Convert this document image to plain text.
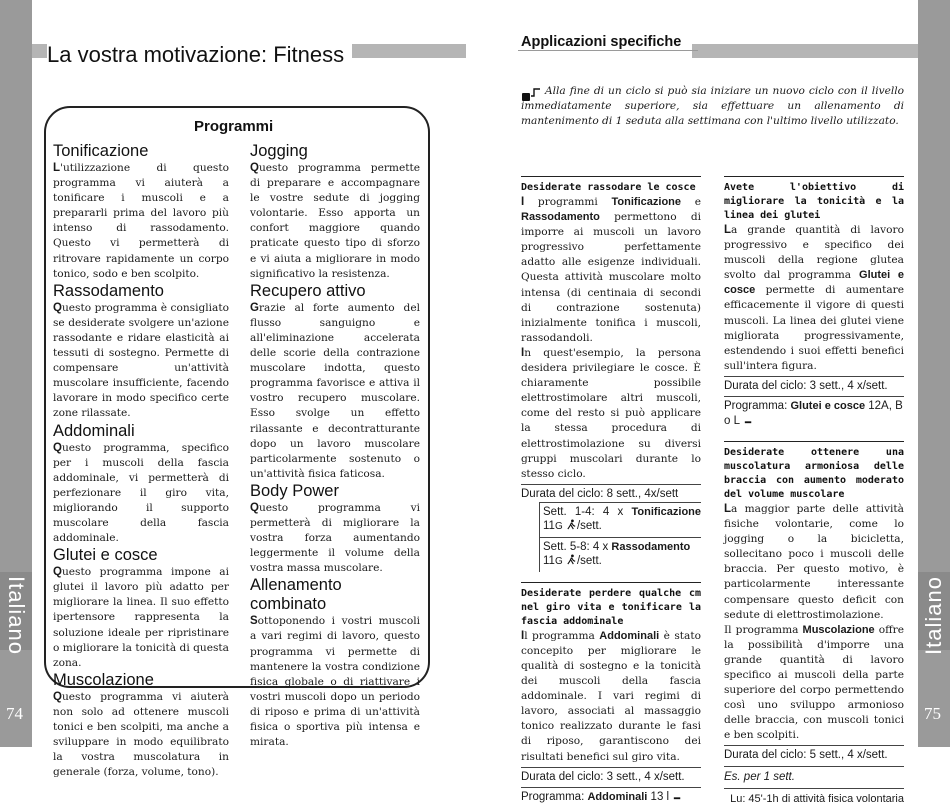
Italiano	Italiano
74	75
La vostra motivazione: Fitness	Applicazioni specifiche
Programmi
Tonificazione
L'utilizzazione di questo programma vi aiuterà a tonificare i muscoli e a prepararli prima del lavoro più intenso di rassodamento. Questo vi permetterà di ritrovare rapidamente un corpo tonico, sodo e ben scolpito.
Rassodamento
Questo programma è consigliato se desiderate svolgere un'azione rassodante e ridare elasticità ai tessuti di sostegno. Permette di compensare un'attività muscolare insufficiente, facendo lavorare in modo specifico certe zone rilassate.
Addominali
Questo programma, specifico per i muscoli della fascia addominale, vi permetterà di perfezionare il giro vita, migliorando il supporto muscolare della fascia addominale.
Glutei e cosce
Questo programma impone ai glutei il lavoro più adatto per migliorare la linea. Il suo effetto ipertensore rappresenta la soluzione ideale per ripristinare o migliorare la tonicità di questa zona.
Muscolazione
Questo programma vi aiuterà non solo ad ottenere muscoli tonici e ben scolpiti, ma anche a sviluppare in modo equilibrato la vostra muscolatura in generale (forza, volume, tono).
Jogging
Questo programma permette di preparare e accompagnare le vostre sedute di jogging volontarie. Esso apporta un confort maggiore quando praticate questo tipo di sforzo e vi aiuta a migliorare in modo significativo la resistenza.
Recupero attivo
Grazie al forte aumento del flusso sanguigno e all'eliminazione accelerata delle scorie della contrazione muscolare indotta, questo programma favorisce e attiva il vostro recupero muscolare. Esso svolge un effetto rilassante e decontratturante dopo un lavoro muscolare particolarmente sostenuto o un'attività fisica faticosa.
Body Power
Questo programma vi permetterà di migliorare la vostra forza aumentando leggermente il volume della vostra massa muscolare.
Allenamento combinato
Sottoponendo i vostri muscoli a vari regimi di lavoro, questo programma vi permette di mantenere la vostra condizione fisica globale o di riattivare i vostri muscoli dopo un periodo di riposo e prima di un'attività fisica o sportiva più intensa e mirata.
Alla fine di un ciclo si può sia iniziare un nuovo ciclo con il livello immediatamente superiore, sia effettuare un allenamento di mantenimento di 1 seduta alla settimana con l'ultimo livello utilizzato.
Desiderate rassodare le cosce
I programmi Tonificazione e Rassodamento permettono di imporre ai muscoli un lavoro progressivo perfettamente adatto alle esigenze individuali. Questa attività muscolare molto intensa (di centinaia di secondi di contrazione sostenuta) inizialmente tonifica i muscoli, rassodandoli.
In quest'esempio, la persona desidera privilegiare le cosce. È chiaramente possibile elettrostimolare altri muscoli, come del resto si può applicare la stessa procedura di elettrostimolazione su diversi gruppi muscolari durante lo stesso ciclo.
Durata del ciclo: 8 sett., 4x/sett
Sett. 1-4: 4 x Tonificazione 11G /sett.
Sett. 5-8: 4 x Rassodamento
11G /sett.
Desiderate perdere qualche cm nel giro vita e tonificare la fascia addominale
Il programma Addominali è stato concepito per migliorare le qualità di sostegno e la tonicità dei muscoli della fascia addominale. I vari regimi di lavoro, associati al massaggio tonico realizzato durante le fasi di riposo, garantiscono dei risultati benefici sul giro vita.
Durata del ciclo: 3 sett., 4 x/sett.
Programma: Addominali 13 l
Avete l'obiettivo di migliorare la tonicità e la linea dei glutei
La grande quantità di lavoro progressivo e specifico dei muscoli della regione glutea svolto dal programma Glutei e cosce permette di aumentare efficacemente il vigore di questi muscoli. La linea dei glutei viene migliorata progressivamente, estendendo i suoi effetti benefici sull'intera figura.
Durata del ciclo: 3 sett., 4 x/sett.
Programma: Glutei e cosce 12A, B
o L
Desiderate ottenere una muscolatura armoniosa delle braccia con aumento moderato del volume muscolare
La maggior parte delle attività fisiche volontarie, come lo jogging o la bicicletta, sollecitano poco i muscoli delle braccia. Per questo motivo, è particolarmente interessante compensare questo deficit con sedute di elettrostimolazione.
Il programma Muscolazione offre la possibilità d'imporre una grande quantità di lavoro specifico ai muscoli della parte superiore del corpo permettendo così uno sviluppo armonioso delle braccia, con muscoli tonici e ben scolpiti.
Durata del ciclo: 5 sett., 4 x/sett.
Es. per 1 sett.
Lu: 45'-1h di attività fisica volontaria
